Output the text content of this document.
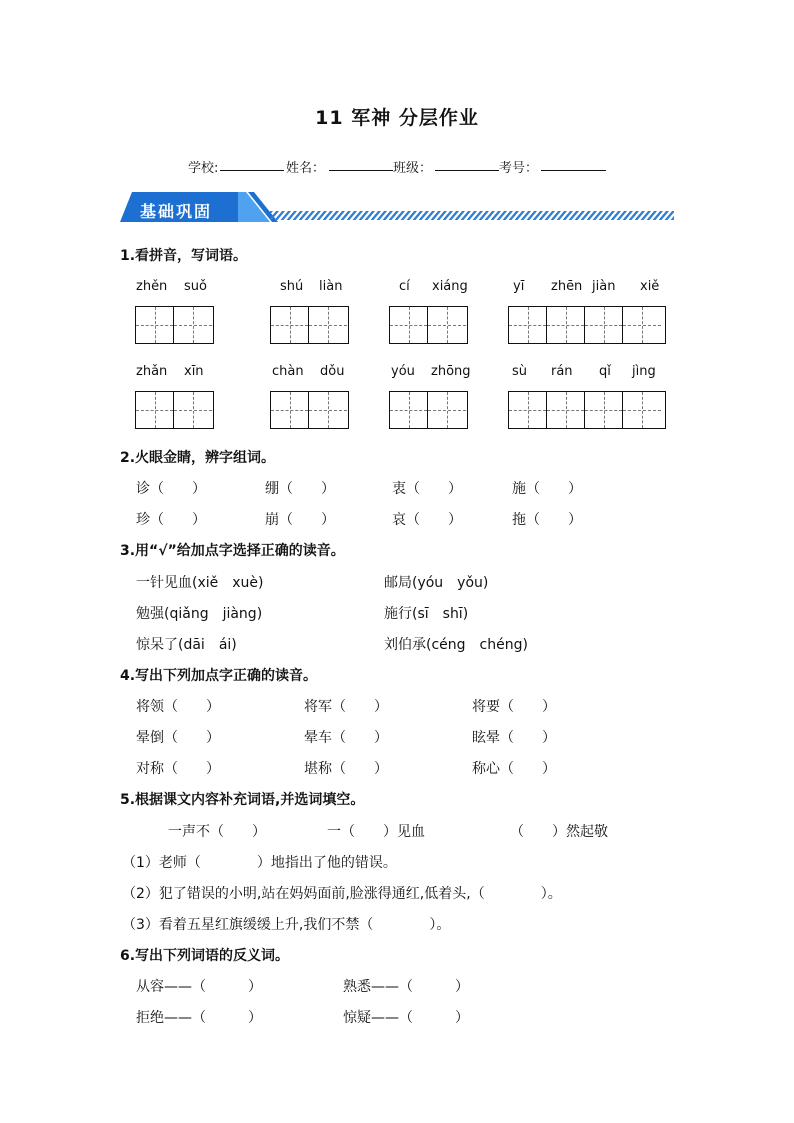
11 军神 分层作业
学校:	姓名：	班级：	考号：
基础巩固
1.看拼音，写词语。
zhěn suǒ	shú liàn	cí xiáng	yī zhēn jiàn xiě
zhǎn xīn	chàn dǒu	yóu zhōng	sù rán qǐ jìng
2.火眼金睛，辨字组词。
诊（　　）	绷（　　）	衷（　　）	施（　　）
珍（　　）	崩（　　）	哀（　　）	拖（　　）
3.用“√”给加点字选择正确的读音。
一针见血(xiě　xuè)	邮局(yóu　yǒu)
勉强(qiǎng　jiàng)	施行(sī　shī)
惊呆了(dāi　ái)	刘伯承(céng　chéng)
4.写出下列加点字正确的读音。
将领（　　）	将军（　　）	将要（　　）
晕倒（　　）	晕车（　　）	眩晕（　　）
对称（　　）	堪称（　　）	称心（　　）
5.根据课文内容补充词语,并选词填空。
一声不（　　）	一（　　）见血	（　　）然起敬
（1）老师（　　　　）地指出了他的错误。
（2）犯了错误的小明,站在妈妈面前,脸涨得通红,低着头,（　　　　）。
（3）看着五星红旗缓缓上升,我们不禁（　　　　）。
6.写出下列词语的反义词。
从容——（　　　）	熟悉——（　　　）
拒绝——（　　　）	惊疑——（　　　）
